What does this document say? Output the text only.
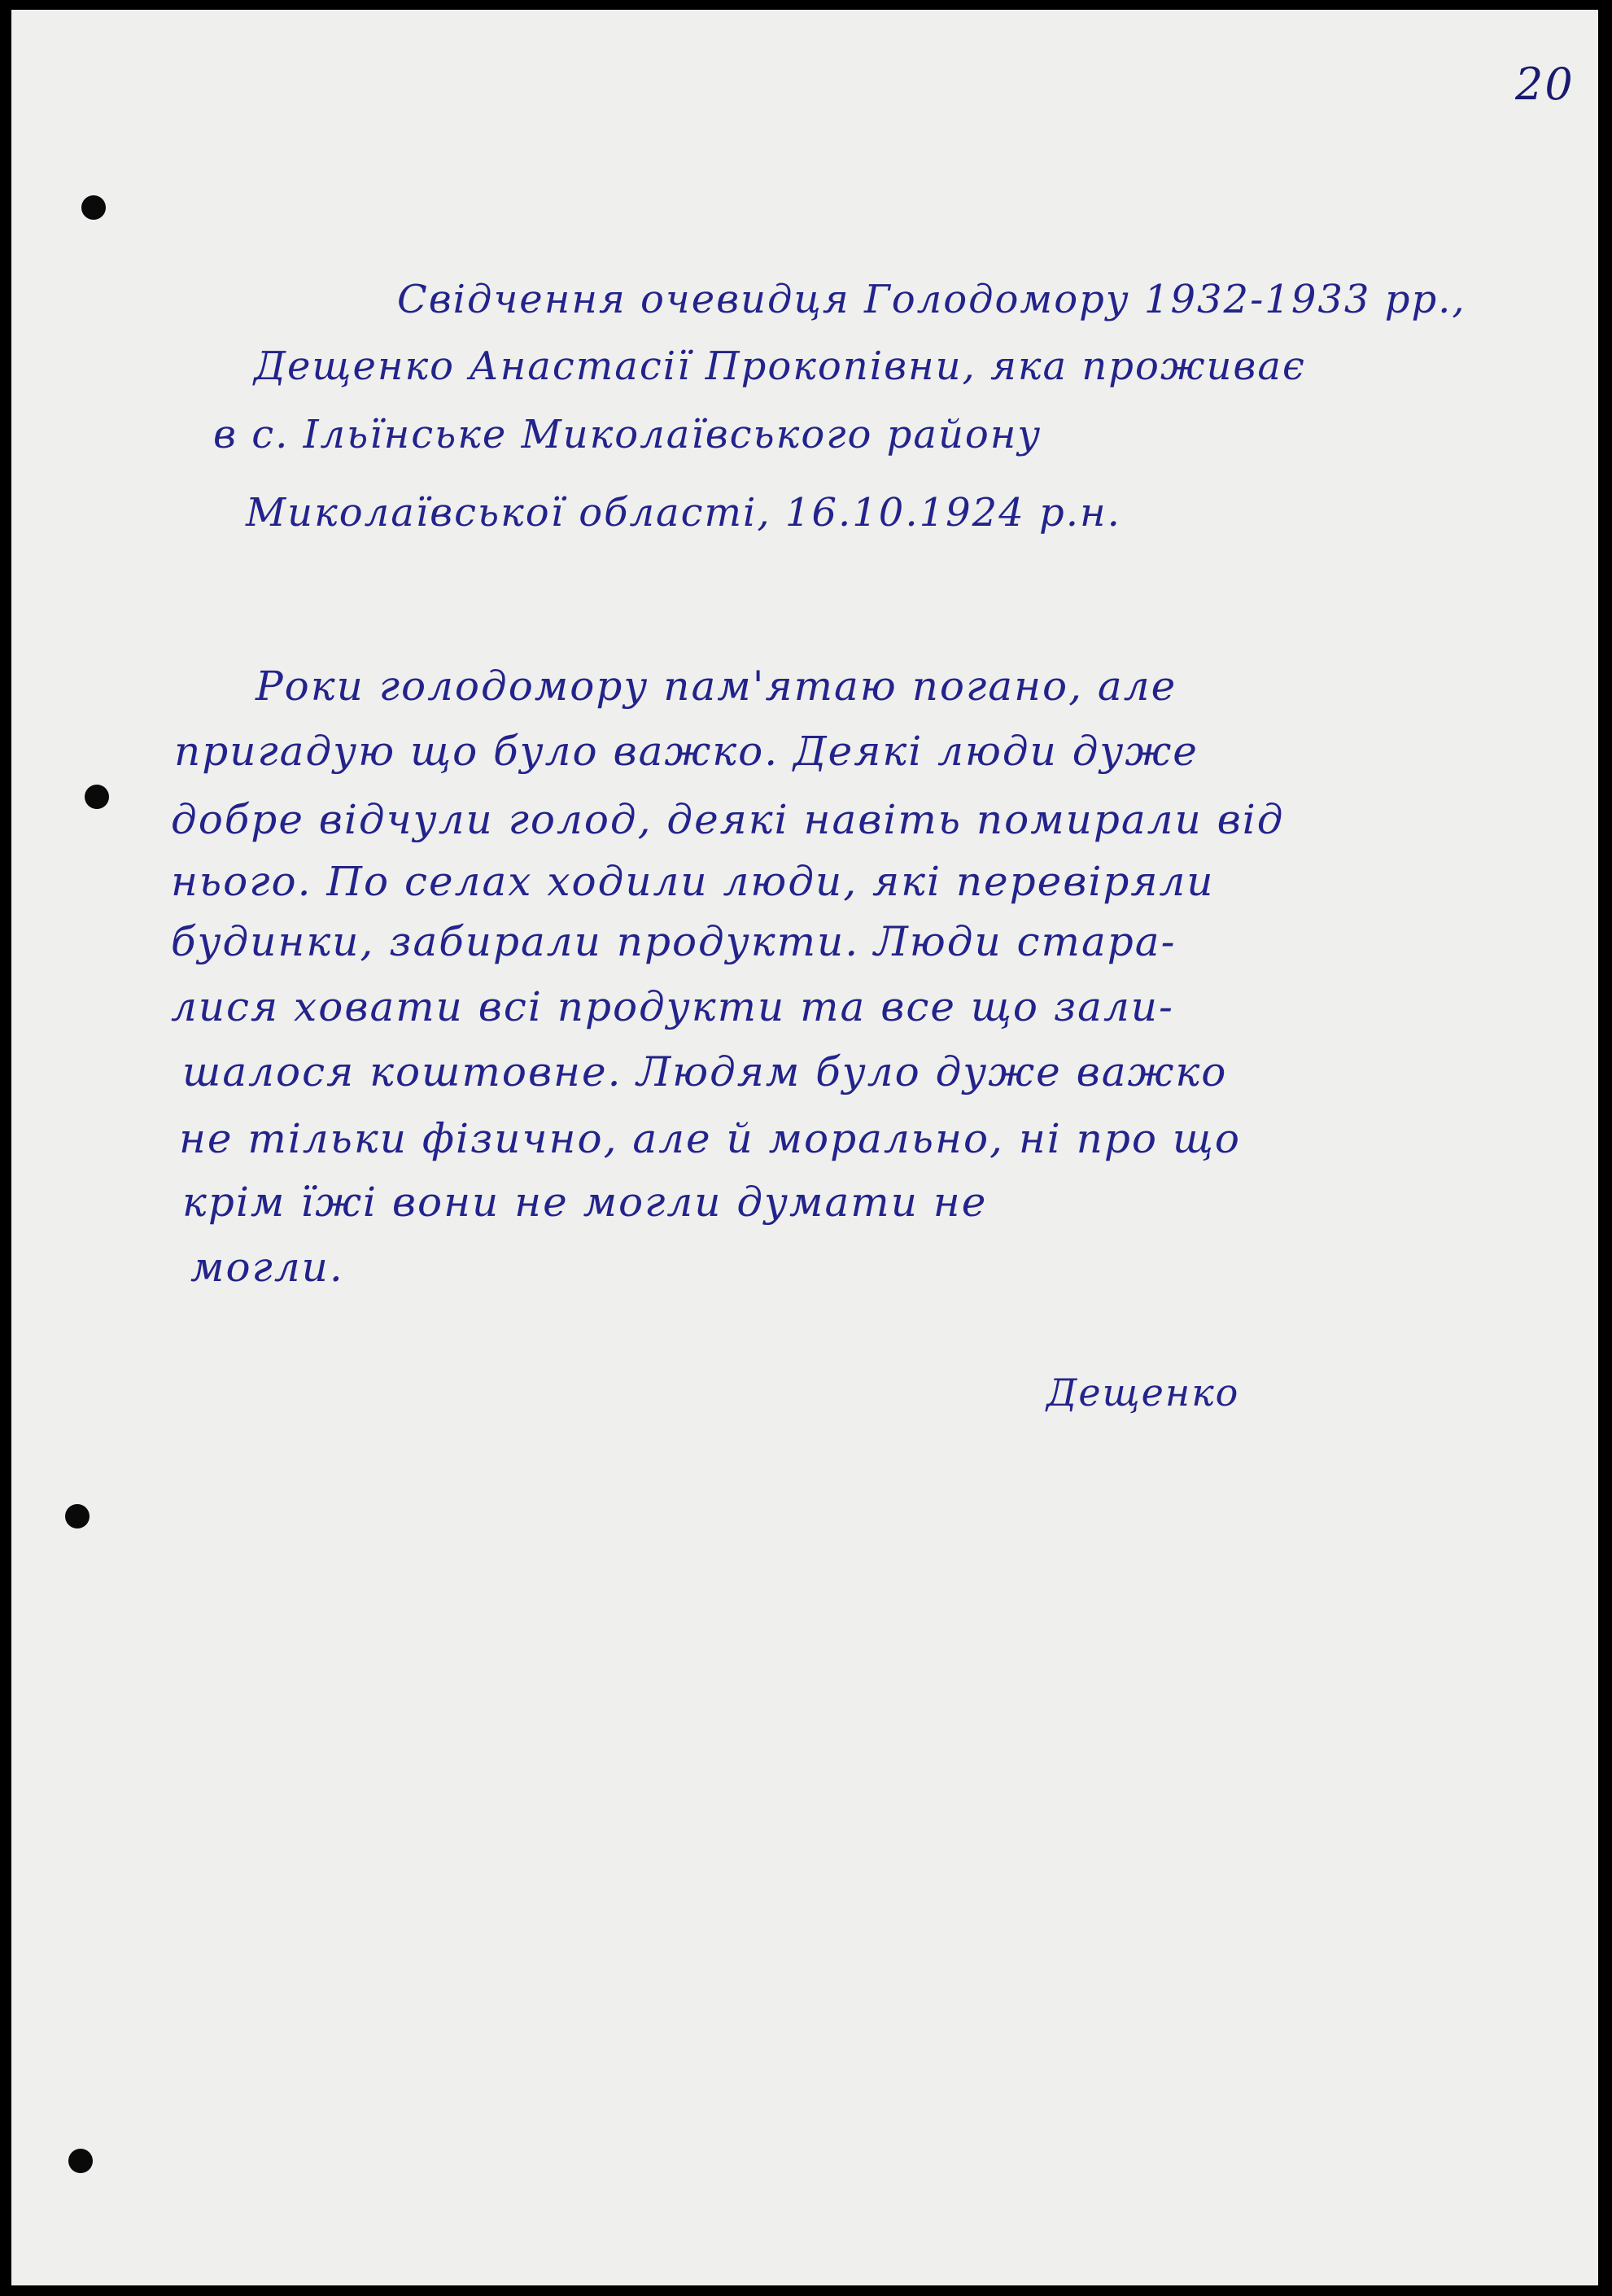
20
Свідчення очевидця Голодомору 1932-1933 рр.,
Дещенко Анастасії Прокопівни, яка проживає
в с. Ільїнське Миколаївського району
Миколаївської області, 16.10.1924 р.н.
Роки голодомору пам'ятаю погано, але
пригадую що було важко. Деякі люди дуже
добре відчули голод, деякі навіть помирали від
нього. По селах ходили люди, які перевіряли
будинки, забирали продукти. Люди стара-
лися ховати всі продукти та все що зали-
шалося коштовне. Людям було дуже важко
не тільки фізично, але й морально, ні про що
крім їжі вони не могли думати не
могли.
Дещенко
